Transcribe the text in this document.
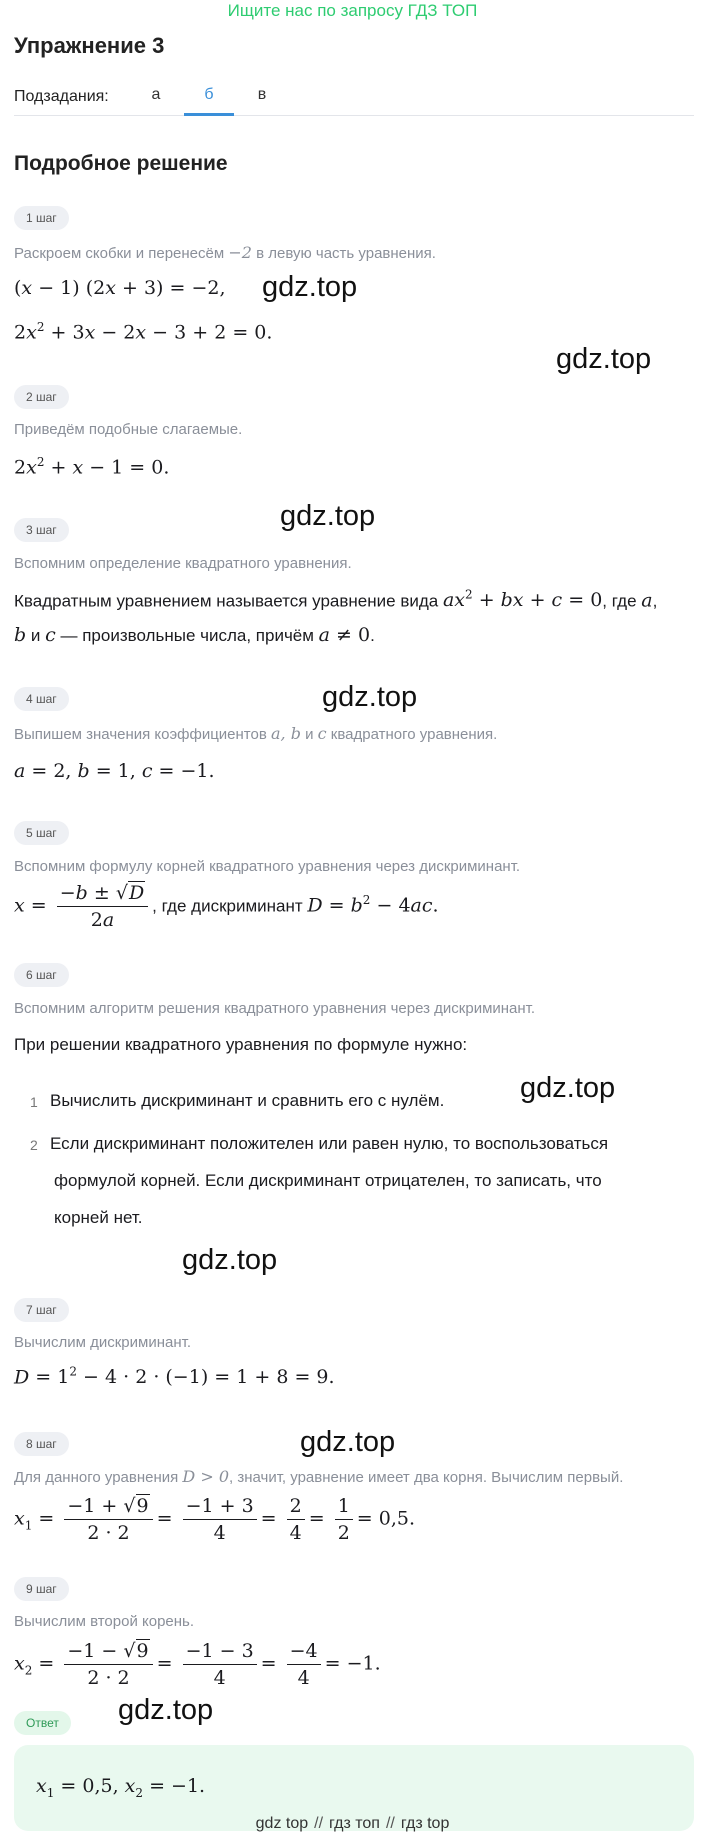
Ищите нас по запросу ГДЗ ТОП
Упражнение 3
Подзадания:	а	б	в
Подробное решение
1 шаг
Раскроем скобки и перенесём −2 в левую часть уравнения.
(x − 1) (2x + 3) = −2,
$2x^2 + 3x - 2x - 3 + 2 = 0$.
2 шаг
Приведём подобные слагаемые.
$2x^2 + x - 1 = 0$.
3 шаг
Вспомним определение квадратного уравнения.
Квадратным уравнением называется уравнение вида $ax^2$ + bx + c = 0, где a,
b и c — произвольные числа, причём a ≠ 0.
4 шаг
Выпишем значения коэффициентов a, b и c квадратного уравнения.
a = 2, b = 1, c = −1.
5 шаг
Вспомним формулу корней квадратного уравнения через дискриминант.
$x = \frac{-b \pm √D}{2a}$ , где дискриминант $D = b^2 - 4ac$.
6 шаг
Вспомним алгоритм решения квадратного уравнения через дискриминант.
При решении квадратного уравнения по формуле нужно:
1 Вычислить дискриминант и сравнить его с нулём.
2 Если дискриминант положителен или равен нулю, то воспользоваться
формулой корней. Если дискриминант отрицателен, то записать, что
корней нет.
7 шаг
Вычислим дискриминант.
$D = 1^2 - 4 \cdot 2 \cdot (-1) = 1 + 8 = 9$.
8 шаг
Для данного уравнения D > 0, значит, уравнение имеет два корня. Вычислим первый.
$x_1 = \frac{-1 + √9}{2 \cdot 2} = \frac{-1 + 3}{4} = \frac{2}{4} = \frac{1}{2} = 0,5$.
9 шаг
Вычислим второй корень.
$x_2 = \frac{-1 - √9}{2 \cdot 2} = \frac{-1 - 3}{4} = \frac{-4}{4} = -1$.
Ответ
$x_1 = 0,5$, $x_2 = -1$.
gdz.top
gdz.top
gdz.top
gdz.top
gdz.top
gdz.top
gdz.top
gdz.top
gdz top // гдз топ // гдз top
